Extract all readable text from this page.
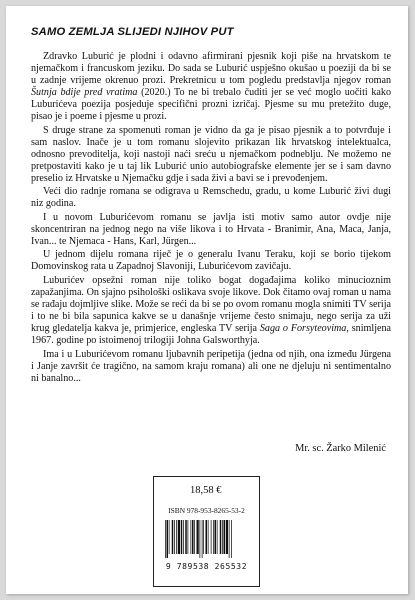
SAMO ZEMLJA SLIJEDI NJIHOV PUT

Zdravko Luburić je plodni i odavno afirmirani pjesnik koji piše na hrvatskom te njemačkom i francuskom jeziku. Do sada se Luburić uspješno okušao u poeziji da bi se u zadnje vrijeme okrenuo prozi. Prekretnicu u tom pogledu predstavlja njegov roman Šutnja bdije pred vratima (2020.) To ne bi trebalo čuditi jer se već moglo uočiti kako Luburićeva poezija posjeduje specifični prozni izričaj. Pjesme su mu pretežito duge, pisao je i poeme i pjesme u prozi.

S druge strane za spomenuti roman je vidno da ga je pisao pjesnik a to potvrđuje i sam naslov. Inače je u tom romanu slojevito prikazan lik hrvatskog intelektualca, odnosno prevoditelja, koji nastoji naći sreću u njemačkom podneblju. Ne možemo ne pretpostaviti kako je u taj lik Luburić unio autobiografske elemente jer se i sam davno preselio iz Hrvatske u Njemačku gdje i sada živi a bavi se i prevođenjem.

Veći dio radnje romana se odigrava u Remschedu, gradu, u kome Luburić živi dugi niz godina.

I u novom Luburićevom romanu se javlja isti motiv samo autor ovdje nije skoncentriran na jednog nego na više likova i to Hrvata - Branimir, Ana, Maca, Janja, Ivan... te Njemaca - Hans, Karl, Jürgen...

U jednom dijelu romana riječ je o generalu Ivanu Teraku, koji se borio tijekom Domovinskog rata u Zapadnoj Slavoniji, Luburićevom zavičaju.

Luburićev opsežni roman nije toliko bogat događajima koliko minucioznim zapažanjima. On sjajno psihološki oslikava svoje likove. Dok čitamo ovaj roman u nama se rađaju dojmljive slike. Može se reći da bi se po ovom romanu mogla snimiti TV serija i to ne bi bila sapunica kakve se u današnje vrijeme često snimaju, nego serija za uži krug gledatelja kakva je, primjerice, engleska TV serija Saga o Forsyteovima, snimljena 1967. godine po istoimenoj trilogiji Johna Galsworthyja.

Ima i u Luburićevom romanu ljubavnih peripetija (jedna od njih, ona između Jürgena i Janje završit će tragično, na samom kraju romana) ali one ne djeluju ni sentimentalno ni banalno...

Mr. sc. Žarko Milenić
18,58 €
ISBN 978-953-8265-53-2
9 789538 265532
